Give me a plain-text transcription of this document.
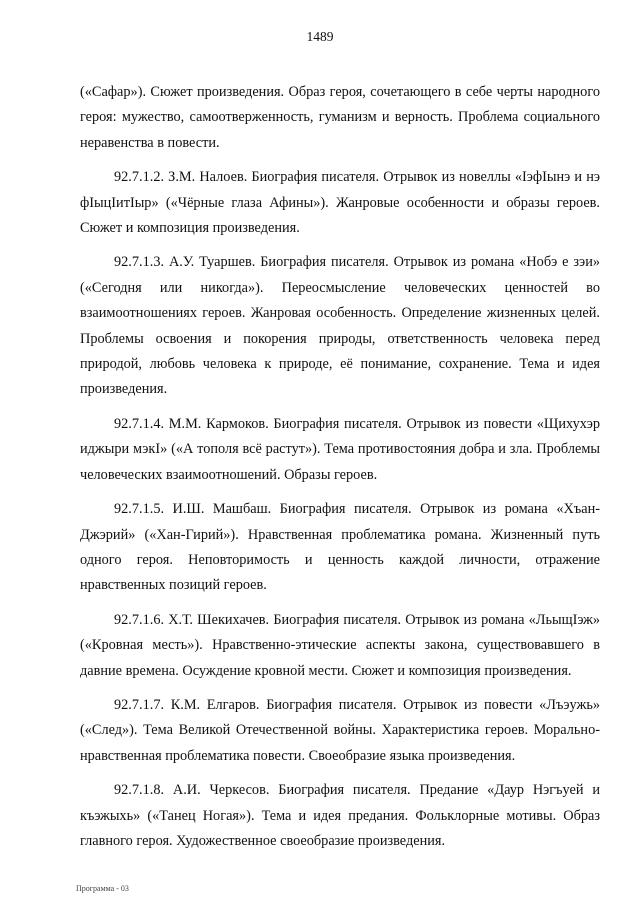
1489

(«Сафар»). Сюжет произведения. Образ героя, сочетающего в себе черты народного героя: мужество, самоотверженность, гуманизм и верность. Проблема социального неравенства в повести.

92.7.1.2. З.М. Налоев. Биография писателя. Отрывок из новеллы «IэфIынэ и нэ фIыцIитIыр» («Чёрные глаза Афины»). Жанровые особенности и образы героев. Сюжет и композиция произведения.

92.7.1.3. А.У. Туаршев. Биография писателя. Отрывок из романа «Нобэ е зэи» («Сегодня или никогда»). Переосмысление человеческих ценностей во взаимоотношениях героев. Жанровая особенность. Определение жизненных целей. Проблемы освоения и покорения природы, ответственность человека перед природой, любовь человека к природе, её понимание, сохранение. Тема и идея произведения.

92.7.1.4. М.М. Кармоков. Биография писателя. Отрывок из повести «Щихухэр иджыри мэкI» («А тополя всё растут»). Тема противостояния добра и зла. Проблемы человеческих взаимоотношений. Образы героев.

92.7.1.5. И.Ш. Машбаш. Биография писателя. Отрывок из романа «Хъан-Джэрий» («Хан-Гирий»). Нравственная проблематика романа. Жизненный путь одного героя. Неповторимость и ценность каждой личности, отражение нравственных позиций героев.

92.7.1.6. Х.Т. Шекихачев. Биография писателя. Отрывок из романа «ЛьыщIэж» («Кровная месть»). Нравственно-этические аспекты закона, существовавшего в давние времена. Осуждение кровной мести. Сюжет и композиция произведения.

92.7.1.7. К.М. Елгаров. Биография писателя. Отрывок из повести «Лъэужь» («След»). Тема Великой Отечественной войны. Характеристика героев. Морально-нравственная проблематика повести. Своеобразие языка произведения.

92.7.1.8. А.И. Черкесов. Биография писателя. Предание «Даур Нэгъуей и къэжыхь» («Танец Ногая»). Тема и идея предания. Фольклорные мотивы. Образ главного героя. Художественное своеобразие произведения.

Программа - 03
